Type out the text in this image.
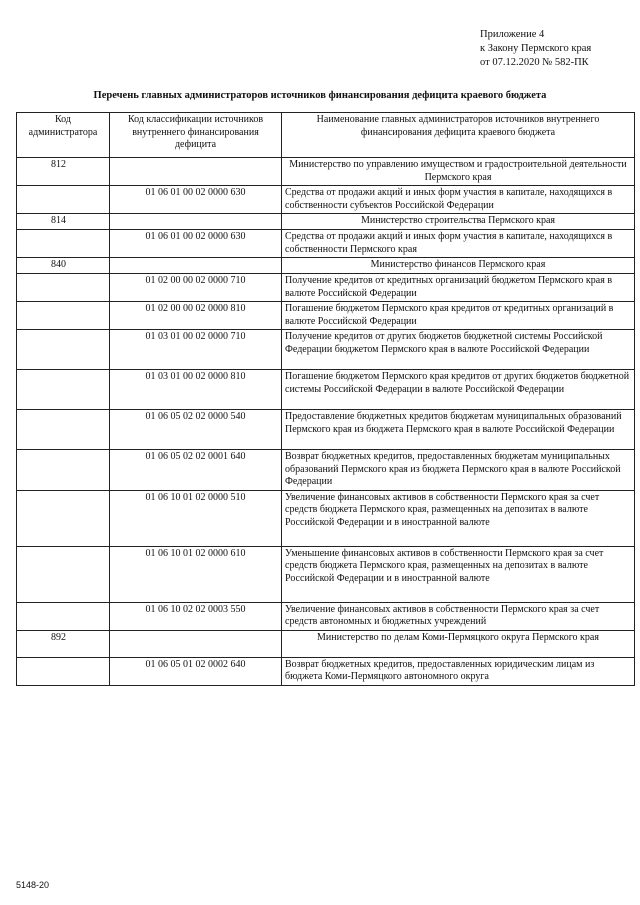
Приложение 4
к Закону Пермского края
от 07.12.2020 № 582-ПК
Перечень главных администраторов источников финансирования дефицита краевого бюджета
Код администратора	Код классификации источников внутреннего финансирования дефицита	Наименование главных администраторов источников внутреннего финансирования дефицита краевого бюджета
812		Министерство по управлению имуществом и градостроительной деятельности Пермского края
	01 06 01 00 02 0000 630	Средства от продажи акций и иных форм участия в капитале, находящихся в собственности субъектов Российской Федерации
814		Министерство строительства Пермского края
	01 06 01 00 02 0000 630	Средства от продажи акций и иных форм участия в капитале, находящихся в собственности Пермского края
840		Министерство финансов Пермского края
	01 02 00 00 02 0000 710	Получение кредитов от кредитных организаций бюджетом Пермского края в валюте Российской Федерации
	01 02 00 00 02 0000 810	Погашение бюджетом Пермского края кредитов от кредитных организаций в валюте Российской Федерации
	01 03 01 00 02 0000 710	Получение кредитов от других бюджетов бюджетной системы Российской Федерации бюджетом Пермского края в валюте Российской Федерации
	01 03 01 00 02 0000 810	Погашение бюджетом Пермского края кредитов от других бюджетов бюджетной системы Российской Федерации в валюте Российской Федерации
	01 06 05 02 02 0000 540	Предоставление бюджетных кредитов бюджетам муниципальных образований Пермского края из бюджета Пермского края в валюте Российской Федерации
	01 06 05 02 02 0001 640	Возврат бюджетных кредитов, предоставленных бюджетам муниципальных образований Пермского края из бюджета Пермского края в валюте Российской Федерации
	01 06 10 01 02 0000 510	Увеличение финансовых активов в собственности Пермского края за счет средств бюджета Пермского края, размещенных на депозитах в валюте Российской Федерации и в иностранной валюте
	01 06 10 01 02 0000 610	Уменьшение финансовых активов в собственности Пермского края за счет средств бюджета Пермского края, размещенных на депозитах в валюте Российской Федерации и в иностранной валюте
	01 06 10 02 02 0003 550	Увеличение финансовых активов в собственности Пермского края за счет средств автономных и бюджетных учреждений
892		Министерство по делам Коми-Пермяцкого округа Пермского края
	01 06 05 01 02 0002 640	Возврат бюджетных кредитов, предоставленных юридическим лицам из бюджета Коми-Пермяцкого автономного округа
5148-20
